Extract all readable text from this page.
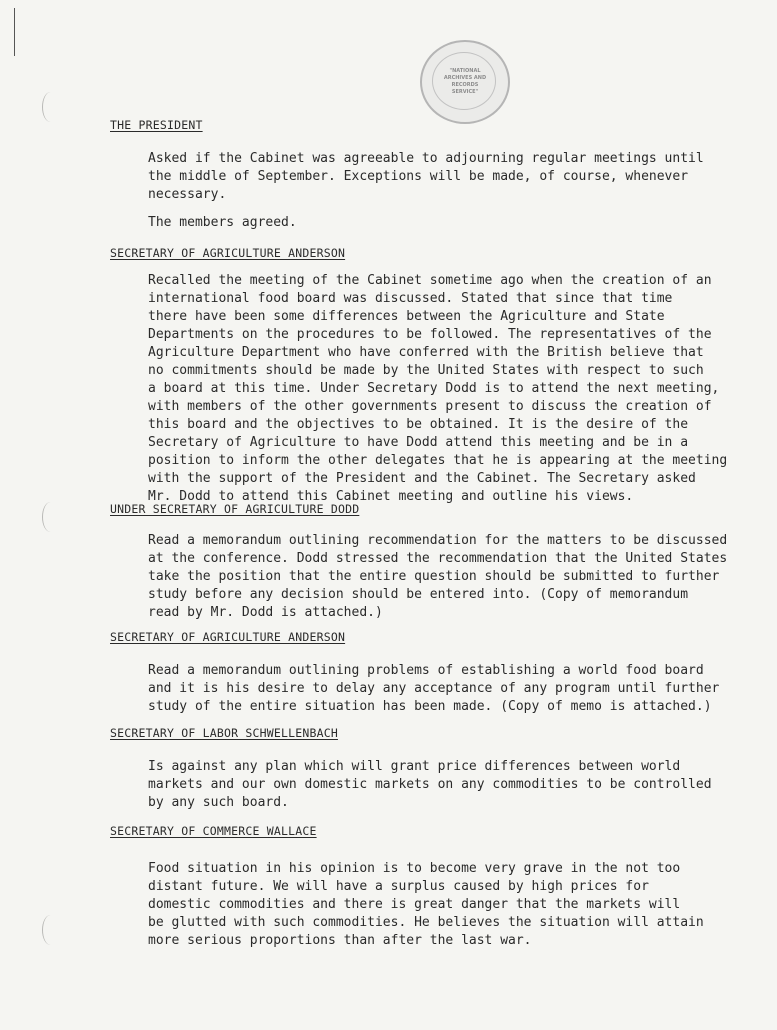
"NATIONAL
ARCHIVES AND
RECORDS
SERVICE"
THE PRESIDENT
Asked if the Cabinet was agreeable to adjourning regular meetings until
the middle of September. Exceptions will be made, of course, whenever
necessary.
The members agreed.
SECRETARY OF AGRICULTURE ANDERSON
Recalled the meeting of the Cabinet sometime ago when the creation of an
international food board was discussed. Stated that since that time
there have been some differences between the Agriculture and State
Departments on the procedures to be followed. The representatives of the
Agriculture Department who have conferred with the British believe that
no commitments should be made by the United States with respect to such
a board at this time. Under Secretary Dodd is to attend the next meeting,
with members of the other governments present to discuss the creation of
this board and the objectives to be obtained. It is the desire of the
Secretary of Agriculture to have Dodd attend this meeting and be in a
position to inform the other delegates that he is appearing at the meeting
with the support of the President and the Cabinet. The Secretary asked
Mr. Dodd to attend this Cabinet meeting and outline his views.
UNDER SECRETARY OF AGRICULTURE DODD
Read a memorandum outlining recommendation for the matters to be discussed
at the conference. Dodd stressed the recommendation that the United States
take the position that the entire question should be submitted to further
study before any decision should be entered into. (Copy of memorandum
read by Mr. Dodd is attached.)
SECRETARY OF AGRICULTURE ANDERSON
Read a memorandum outlining problems of establishing a world food board
and it is his desire to delay any acceptance of any program until further
study of the entire situation has been made. (Copy of memo is attached.)
SECRETARY OF LABOR SCHWELLENBACH
Is against any plan which will grant price differences between world
markets and our own domestic markets on any commodities to be controlled
by any such board.
SECRETARY OF COMMERCE WALLACE
Food situation in his opinion is to become very grave in the not too
distant future. We will have a surplus caused by high prices for
domestic commodities and there is great danger that the markets will
be glutted with such commodities. He believes the situation will attain
more serious proportions than after the last war.
